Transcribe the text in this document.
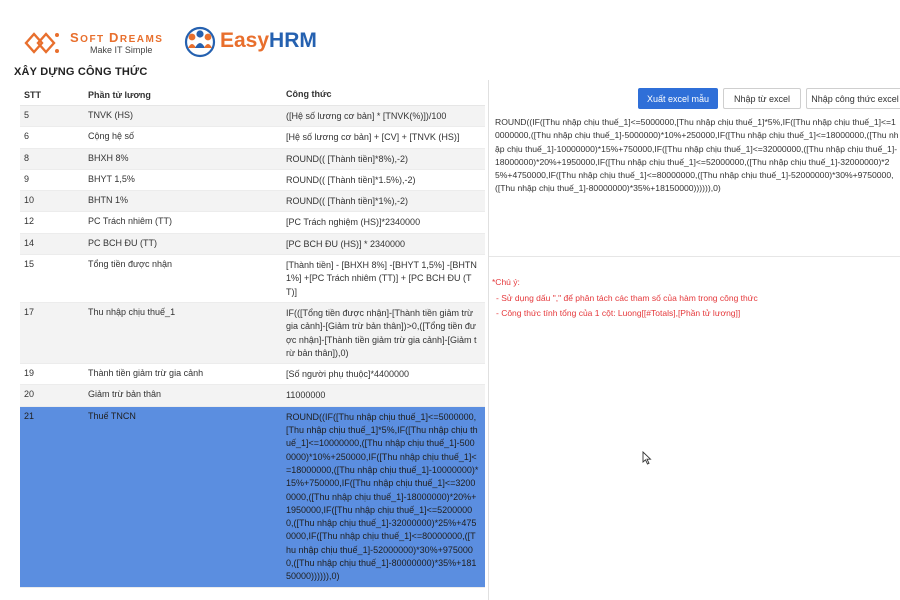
SOFT DREAMS
Make IT Simple	EasyHRM
XÂY DỰNG CÔNG THỨC
STT	Phần tử lương	Công thức
5	TNVK (HS)	([Hệ số lương cơ bản] * [TNVK(%)])/100
6	Cộng hệ số	[Hệ số lương cơ bản] + [CV] + [TNVK (HS)]
8	BHXH 8%	ROUND(( [Thành tiền]*8%),-2)
9	BHYT 1,5%	ROUND(( [Thành tiền]*1.5%),-2)
10	BHTN 1%	ROUND(( [Thành tiền]*1%),-2)
12	PC Trách nhiêm (TT)	[PC Trách nghiệm (HS)]*2340000
14	PC BCH ĐU (TT)	[PC BCH ĐU (HS)] * 2340000
15	Tổng tiền được nhận	[Thành tiền] - [BHXH 8%] -[BHYT 1,5%] -[BHTN 1%] +[PC Trách nhiêm (TT)] + [PC BCH ĐU (TT)]
17	Thu nhập chịu thuế_1	IF(([Tổng tiền được nhận]-[Thành tiền giảm trừ gia cảnh]-[Giảm trừ bản thân])>0,([Tổng tiền được nhận]-[Thành tiền giảm trừ gia cảnh]-[Giảm trừ bản thân]),0)
19	Thành tiền giảm trừ gia cảnh	[Số người phụ thuộc]*4400000
20	Giảm trừ bản thân	11000000
21	Thuế TNCN	ROUND((IF([Thu nhập chịu thuế_1]<=5000000,[Thu nhập chịu thuế_1]*5%,IF([Thu nhập chịu thuế_1]<=10000000,([Thu nhập chịu thuế_1]-5000000)*10%+250000,IF([Thu nhập chịu thuế_1]<=18000000,([Thu nhập chịu thuế_1]-10000000)*15%+750000,IF([Thu nhập chịu thuế_1]<=32000000,([Thu nhập chịu thuế_1]-18000000)*20%+1950000,IF([Thu nhập chịu thuế_1]<=52000000,([Thu nhập chịu thuế_1]-32000000)*25%+4750000,IF([Thu nhập chịu thuế_1]<=80000000,([Thu nhập chịu thuế_1]-52000000)*30%+9750000,([Thu nhập chịu thuế_1]-80000000)*35%+18150000)))))),0)
Xuất excel mẫu	Nhập từ excel	Nhập công thức excel
ROUND((IF([Thu nhập chịu thuế_1]<=5000000,[Thu nhập chịu thuế_1]*5%,IF([Thu nhập chịu thuế_1]<=10000000,([Thu nhập chịu thuế_1]-5000000)*10%+250000,IF([Thu nhập chịu thuế_1]<=18000000,([Thu nhập chịu thuế_1]-10000000)*15%+750000,IF([Thu nhập chịu thuế_1]<=32000000,([Thu nhập chịu thuế_1]-18000000)*20%+1950000,IF([Thu nhập chịu thuế_1]<=52000000,([Thu nhập chịu thuế_1]-32000000)*25%+4750000,IF([Thu nhập chịu thuế_1]<=80000000,([Thu nhập chịu thuế_1]-52000000)*30%+9750000,([Thu nhập chịu thuế_1]-80000000)*35%+18150000)))))),0)
*Chú ý:
- Sử dụng dấu "," để phân tách các tham số của hàm trong công thức
- Công thức tính tổng của 1 cột: Luong[[#Totals],[Phần tử lương]]
